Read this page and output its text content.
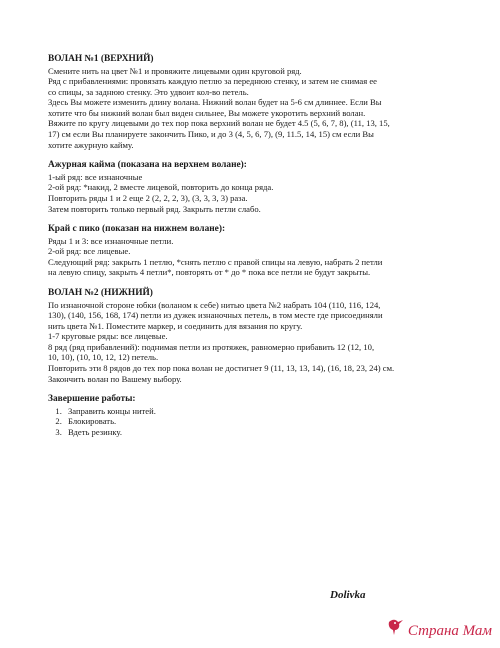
ВОЛАН №1 (ВЕРХНИЙ)

Смените нить на цвет №1 и провяжите лицевыми один круговой ряд.

Ряд с прибавлениями: провязать каждую петлю за переднюю стенку, и затем не снимая ее

со спицы, за заднюю стенку. Это удвоит кол-во петель.

Здесь Вы можете изменить длину волана. Нижний волан будет на 5-6 см длиннее. Если Вы

хотите что бы нижний волан был виден сильнее, Вы можете укоротить верхний волан.

Вяжите по кругу лицевыми до тех пор пока верхний волан не будет 4.5 (5, 6, 7, 8), (11, 13, 15,

17) см если Вы планируете закончить Пико, и до 3 (4, 5, 6, 7), (9, 11.5, 14, 15) см если Вы

хотите ажурную кайму.

Ажурная кайма (показана на верхнем волане):

1-ый ряд: все изнаночные

2-ой ряд: *накид, 2 вместе лицевой, повторить до конца ряда.

Повторить ряды 1 и 2 еще 2 (2, 2, 2, 3), (3, 3, 3, 3) раза.

Затем повторить только первый ряд. Закрыть петли слабо.

Край с пико (показан на нижнем волане):

Ряды 1 и 3: все изнаночные петли.

2-ой ряд: все лицевые.

Следующий ряд: закрыть 1 петлю, *снять петлю с правой спицы на левую, набрать 2 петли

на левую спицу, закрыть 4 петли*, повторять от * до * пока все петли не будут закрыты.

ВОЛАН №2 (НИЖНИЙ)

По изнаночной стороне юбки (воланом к себе) нитью цвета №2 набрать 104 (110, 116, 124,

130), (140, 156, 168, 174) петли из дужек изнаночных петель, в том месте где присоединяли

нить цвета №1. Поместите маркер, и соединить для вязания по кругу.

1-7 круговые ряды: все лицевые.

8 ряд (ряд прибавлений): поднимая петли из протяжек, равномерно прибавить 12 (12, 10,

10, 10), (10, 10, 12, 12) петель.

Повторить эти 8 рядов до тех пор пока волан не достигнет 9 (11, 13, 13, 14), (16, 18, 23, 24) см.

Закончить волан по Вашему выбору.

Завершение работы:

1. Заправить концы нитей.
2. Блокировать.
3. Вдеть резинку.
Dolivka
Страна Мам
